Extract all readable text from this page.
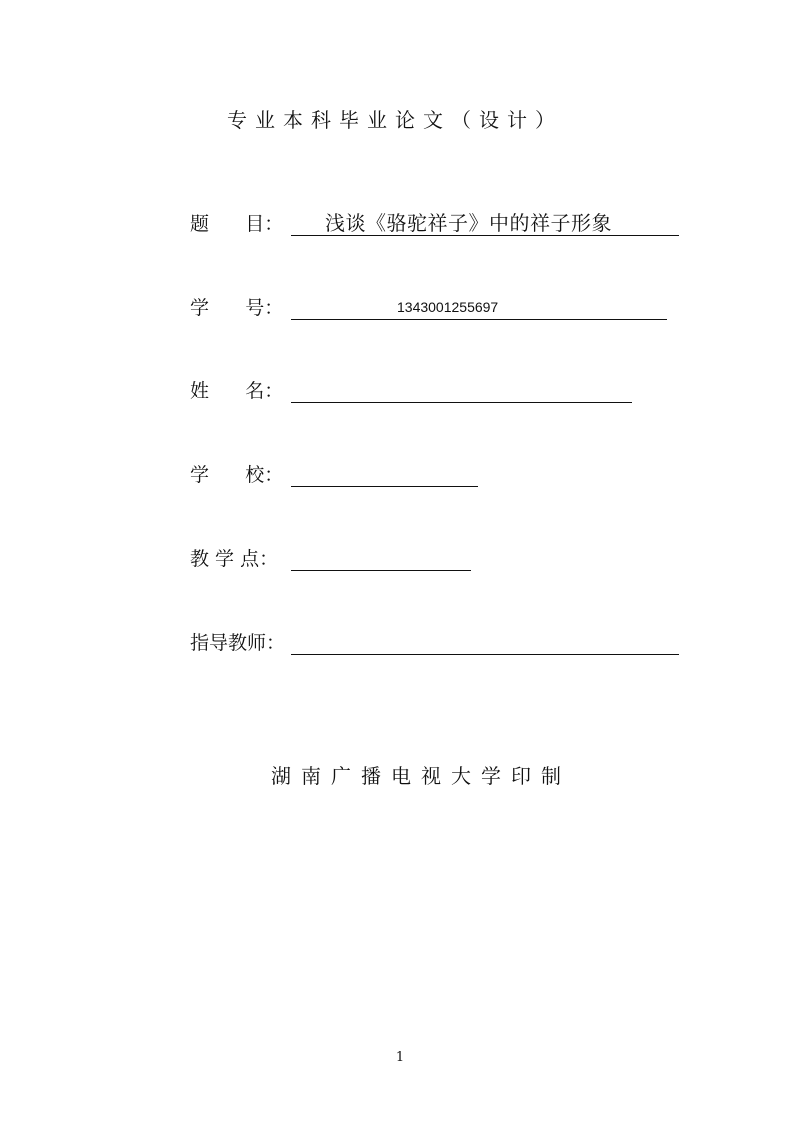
专业本科毕业论文（设计）
题      目： 浅谈《骆驼祥子》中的祥子形象
学      号：	1343001255697
姓      名：
学      校：
教 学 点：
指导教师：
湖南广播电视大学印制
1
